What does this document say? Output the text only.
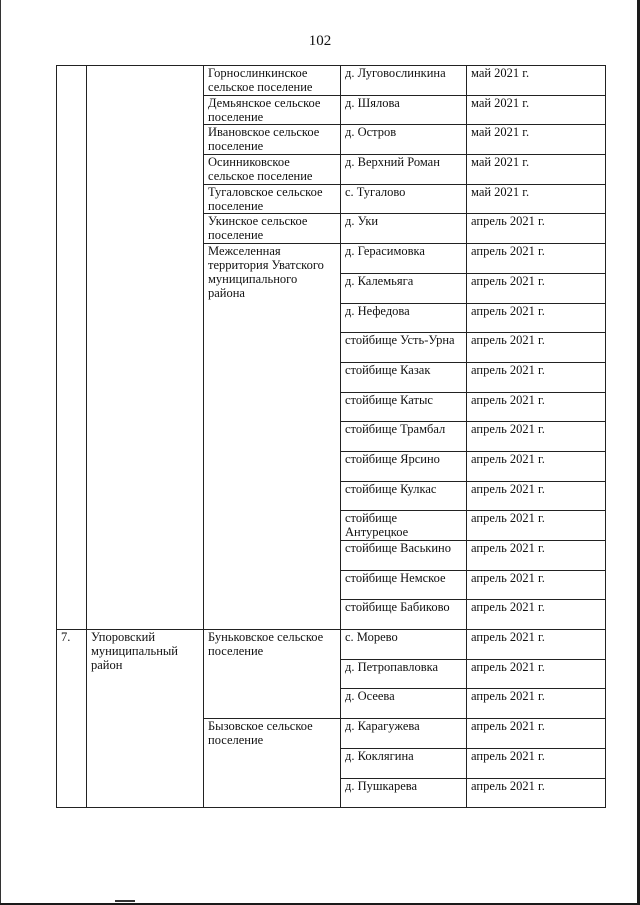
102
		Горнослинкинское сельское поселение	д. Луговослинкина	май 2021 г.
		Демьянское сельское поселение	д. Шялова	май 2021 г.
		Ивановское сельское поселение	д. Остров	май 2021 г.
		Осинниковское сельское поселение	д. Верхний Роман	май 2021 г.
		Тугаловское сельское поселение	с. Тугалово	май 2021 г.
		Укинское сельское поселение	д. Уки	апрель 2021 г.
		Межселенная территория Уватского муниципального района	д. Герасимовка	апрель 2021 г.
			д. Калемьяга	апрель 2021 г.
			д. Нефедова	апрель 2021 г.
			стойбище Усть-Урна	апрель 2021 г.
			стойбище Казак	апрель 2021 г.
			стойбище Катыс	апрель 2021 г.
			стойбище Трамбал	апрель 2021 г.
			стойбище Ярсино	апрель 2021 г.
			стойбище Кулкас	апрель 2021 г.
			стойбище Антурецкое	апрель 2021 г.
			стойбище Васькино	апрель 2021 г.
			стойбище Немское	апрель 2021 г.
			стойбище Бабиково	апрель 2021 г.
7.	Упоровский муниципальный район	Буньковское сельское поселение	с. Морево	апрель 2021 г.
			д. Петропавловка	апрель 2021 г.
			д. Осеева	апрель 2021 г.
		Бызовское сельское поселение	д. Карагужева	апрель 2021 г.
			д. Коклягина	апрель 2021 г.
			д. Пушкарева	апрель 2021 г.
